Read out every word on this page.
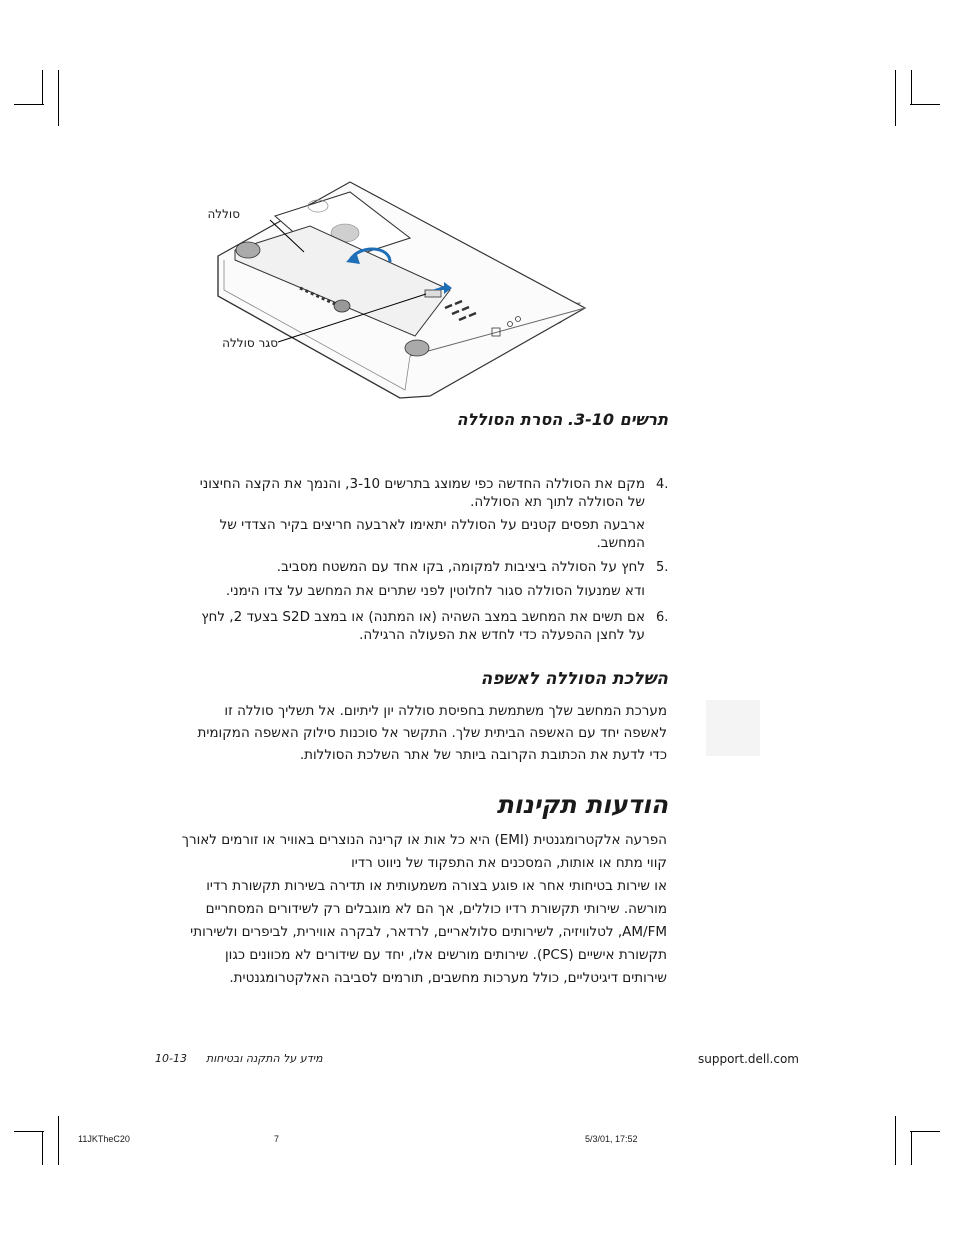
סוללה
סגר סוללה
תרשים 3-10. הסרת הסוללה
מקם את הסוללה החדשה כפי שמוצג בתרשים 3-10, והנמך את הקצה החיצוני
של הסוללה לתוך תא הסוללה.
4.
ארבעה תפסים קטנים על הסוללה יתאימו לארבעה חריצים בקיר הצדדי של
המחשב.
לחץ על הסוללה ביציבות למקומה, בקו אחד עם המשטח מסביב. 5.
ודא שמנעול הסוללה סגור לחלוטין לפני שתרים את המחשב על צדו הימני.
אם תשים את המחשב במצב השהיה (או המתנה) או במצב S2D בצעד 2, לחץ
על לחצן ההפעלה כדי לחדש את הפעולה הרגילה.
6.
השלכת הסוללה לאשפה
מערכת המחשב שלך משתמשת בחפיסת סוללה יון ליתיום. אל תשליך סוללה זו
לאשפה יחד עם האשפה הביתית שלך. התקשר אל סוכנות סילוק האשפה המקומית
כדי לדעת את הכתובת הקרובה ביותר של אתר השלכת הסוללות.
הודעות תקינות
הפרעה אלקטרומגנטית (EMI) היא כל אות או קרינה הנוצרים באוויר או זורמים לאורך
קווי מתח או אותות, המסכנים את התפקוד של ניווט רדיו
או שירות בטיחותי אחר או פוגע בצורה משמעותית או תדירה בשירות תקשורת רדיו
מורשה. שירותי תקשורת רדיו כוללים, אך הם לא מוגבלים רק לשידורים המסחריים
AM/FM, לטלוויזיה, לשירותים סלולאריים, לרדאר, לבקרה אווירית, לביפרים ולשירותי
תקשורת אישיים (PCS). שירותים מורשים אלו, יחד עם שידורים לא מכוונים כגון
שירותים דיגיטליים, כולל מערכות מחשבים, תורמים לסביבה האלקטרומגנטית.
10-13 מידע על התקנה ובטיחות	support.dell.com
11JKTheC20	7	5/3/01, 17:52
